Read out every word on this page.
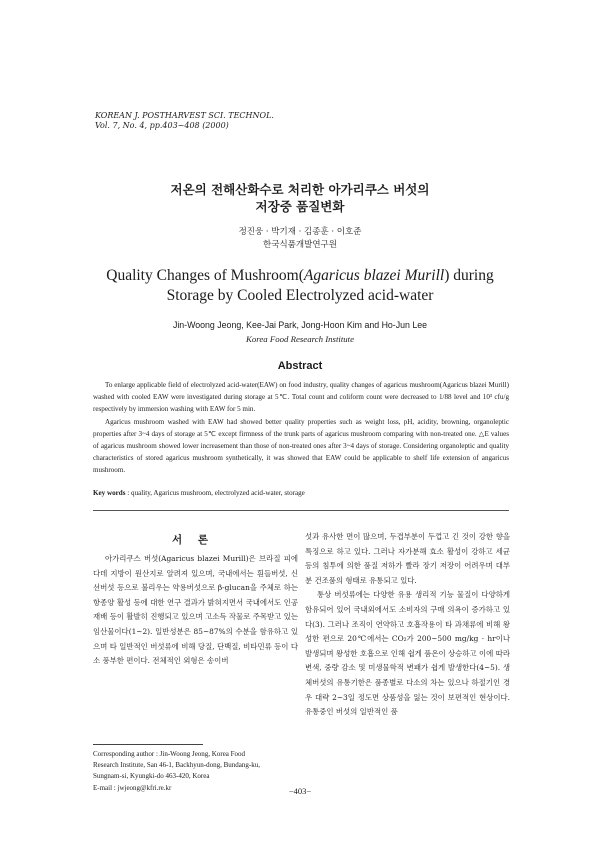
KOREAN J. POSTHARVEST SCI. TECHNOL.
Vol. 7, No. 4, pp.403~408 (2000)
저온의 전해산화수로 처리한 아가리쿠스 버섯의
저장중 품질변화
정진웅 · 박기재 · 김종훈 · 이호준
한국식품개발연구원
Quality Changes of Mushroom(Agaricus blazei Murill) during
Storage by Cooled Electrolyzed acid-water
Jin-Woong Jeong, Kee-Jai Park, Jong-Hoon Kim and Ho-Jun Lee
Korea Food Research Institute
Abstract

To enlarge applicable field of electrolyzed acid-water(EAW) on food industry, quality changes of agaricus mushroom(Agaricus blazei Murill) washed with cooled EAW were investigated during storage at 5℃. Total count and coliform count were decreased to 1/88 level and 10³ cfu/g respectively by immersion washing with EAW for 5 min.

Agaricus mushroom washed with EAW had showed better quality properties such as weight loss, pH, acidity, browning, organoleptic properties after 3~4 days of storage at 5℃ except firmness of the trunk parts of agaricus mushroom comparing with non-treated one. △E values of agaricus mushroom showed lower increasement than those of non-treated ones after 3~4 days of storage. Considering organoleptic and quality characteristics of stored agaricus mushroom synthetically, it was showed that EAW could be applicable to shelf life extension of angaricus mushroom.

Key words : quality, Agaricus mushroom, electrolyzed acid-water, storage
서 론

아가리쿠스 버섯(Agaricus blazei Murill)은 브라질 피에다데 지방이 원산지로 알려져 있으며, 국내에서는 흰들버섯, 신선버섯 등으로 불리우는 약용버섯으로 β-glucan을 주체로 하는 항종양 활성 등에 대한 연구 결과가 밝혀지면서 국내에서도 인공재배 등이 활발히 진행되고 있으며 고소득 작물로 주목받고 있는 임산물이다(1~2). 일반성분은 85~87%의 수분을 함유하고 있으며 타 일반적인 버섯류에 비해 당질, 단백질, 비타민류 등이 다소 풍부한 편이다. 전체적인 외형은 송이버

섯과 유사한 면이 많으며, 두겹부분이 두껍고 긴 것이 강한 향을 특징으로 하고 있다. 그러나 자가분해 효소 활성이 강하고 세균 등의 침투에 의한 품질 저하가 빨라 장기 저장이 어려우며 대부분 건조품의 형태로 유통되고 있다.

통상 버섯류에는 다양한 유용 생리적 기능 물질이 다양하게 함유되어 있어 국내외에서도 소비자의 구매 의욕이 증가하고 있다(3). 그러나 조직이 연약하고 호흡작용이 타 과채류에 비해 왕성한 편으로 20℃에서는 CO₂가 200~500 mg/kg · hr이나 발생되며 왕성한 호흡으로 인해 쉽게 품온이 상승하고 이에 따라 변색, 중량 감소 및 미생물학적 변패가 쉽게 발생한다(4~5). 생체버섯의 유통기한은 품종별로 다소의 차는 있으나 하절기인 경우 대략 2~3일 정도면 상품성을 잃는 것이 보편적인 현상이다. 유통중인 버섯의 일반적인 품

Corresponding author : Jin-Woong Jeong, Korea Food
Research Institute, San 46-1, Backhyun-dong, Bundang-ku,
Sungnam-si, Kyungki-do 463-420, Korea
E-mail : jwjeong@kfri.re.kr	−403−
